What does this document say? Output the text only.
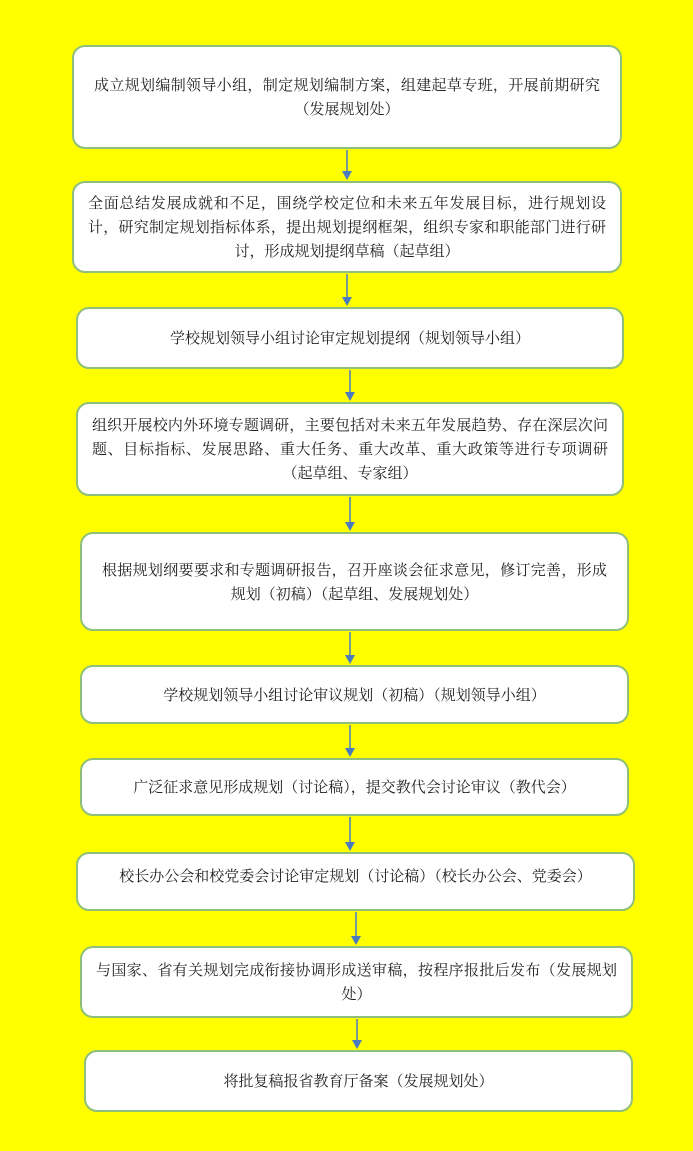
成立规划编制领导小组，制定规划编制方案，组建起草专班，开展前期研究（发展规划处）
全面总结发展成就和不足，围绕学校定位和未来五年发展目标，进行规划设计，研究制定规划指标体系，提出规划提纲框架，组织专家和职能部门进行研讨，形成规划提纲草稿（起草组）
学校规划领导小组讨论审定规划提纲（规划领导小组）
组织开展校内外环境专题调研，主要包括对未来五年发展趋势、存在深层次问题、目标指标、发展思路、重大任务、重大改革、重大政策等进行专项调研（起草组、专家组）
根据规划纲要要求和专题调研报告，召开座谈会征求意见，修订完善，形成规划（初稿）（起草组、发展规划处）
学校规划领导小组讨论审议规划（初稿）（规划领导小组）
广泛征求意见形成规划（讨论稿），提交教代会讨论审议（教代会）
校长办公会和校党委会讨论审定规划（讨论稿）（校长办公会、党委会）
与国家、省有关规划完成衔接协调形成送审稿，按程序报批后发布（发展规划处）
将批复稿报省教育厅备案（发展规划处）
